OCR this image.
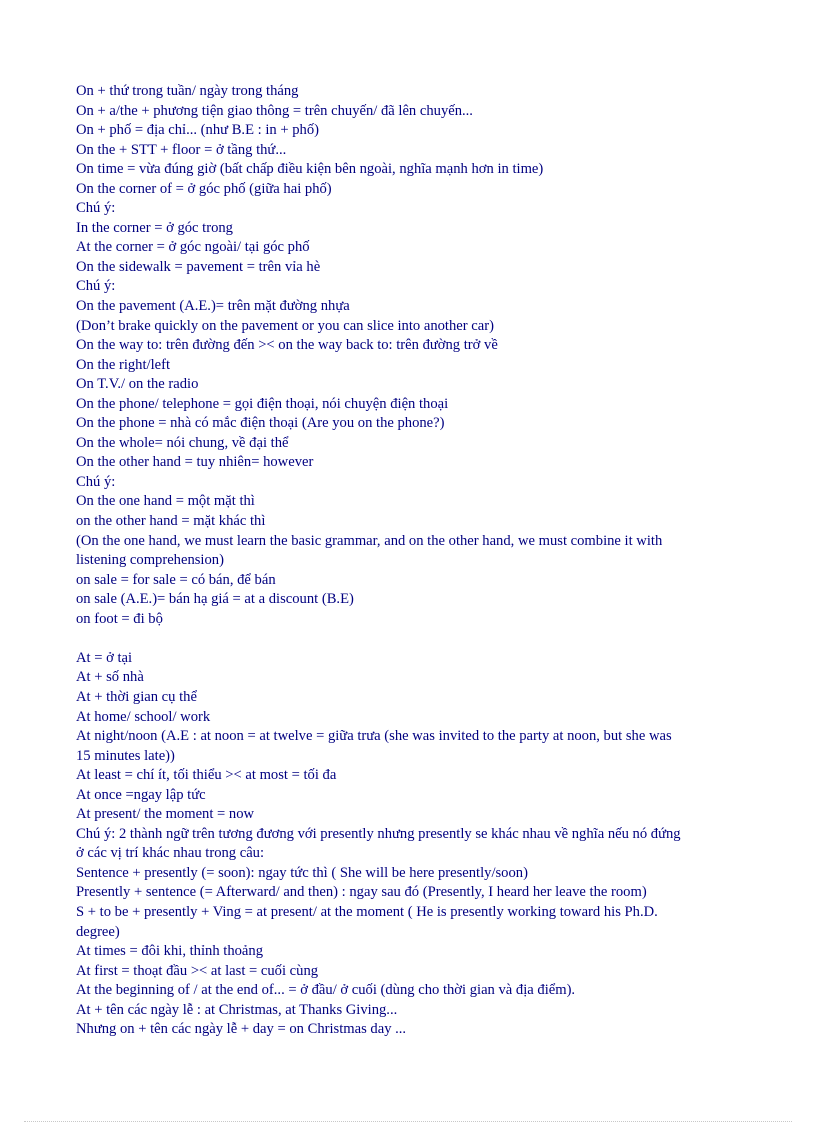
On + thứ trong tuần/ ngày trong tháng
On + a/the + phương tiện giao thông = trên chuyến/ đã lên chuyến...
On + phố = địa chỉ... (như B.E : in + phố)
On the + STT + floor = ở tầng thứ...
On time = vừa đúng giờ (bất chấp điều kiện bên ngoài, nghĩa mạnh hơn in time)
On the corner of = ở góc phố (giữa hai phố)
Chú ý:
In the corner = ở góc trong
At the corner = ở góc ngoài/ tại góc phố
On the sidewalk = pavement = trên vỉa hè
Chú ý:
On the pavement (A.E.)= trên mặt đường nhựa
(Don’t brake quickly on the pavement or you can slice into another car)
On the way to: trên đường đến >< on the way back to: trên đường trở về
On the right/left
On T.V./ on the radio
On the phone/ telephone = gọi điện thoại, nói chuyện điện thoại
On the phone = nhà có mắc điện thoại (Are you on the phone?)
On the whole= nói chung, về đại thể
On the other hand = tuy nhiên= however
Chú ý:
On the one hand = một mặt thì
on the other hand = mặt khác thì
(On the one hand, we must learn the basic grammar, and on the other hand, we must combine it with
listening comprehension)
on sale = for sale = có bán, để bán
on sale (A.E.)= bán hạ giá = at a discount (B.E)
on foot = đi bộ
At = ở tại
At + số nhà
At + thời gian cụ thể
At home/ school/ work
At night/noon (A.E : at noon = at twelve = giữa trưa (she was invited to the party at noon, but she was
15 minutes late))
At least = chí ít, tối thiểu >< at most = tối đa
At once =ngay lập tức
At present/ the moment = now
Chú ý: 2 thành ngữ trên tương đương với presently nhưng presently se khác nhau về nghĩa nếu nó đứng
ở các vị trí khác nhau trong câu:
Sentence + presently (= soon): ngay tức thì ( She will be here presently/soon)
Presently + sentence (= Afterward/ and then) : ngay sau đó (Presently, I heard her leave the room)
S + to be + presently + Ving = at present/ at the moment ( He is presently working toward his Ph.D.
degree)
At times = đôi khi, thỉnh thoảng
At first = thoạt đầu >< at last = cuối cùng
At the beginning of / at the end of... = ở đầu/ ở cuối (dùng cho thời gian và địa điểm).
At + tên các ngày lễ : at Christmas, at Thanks Giving...
Nhưng on + tên các ngày lễ + day = on Christmas day ...
